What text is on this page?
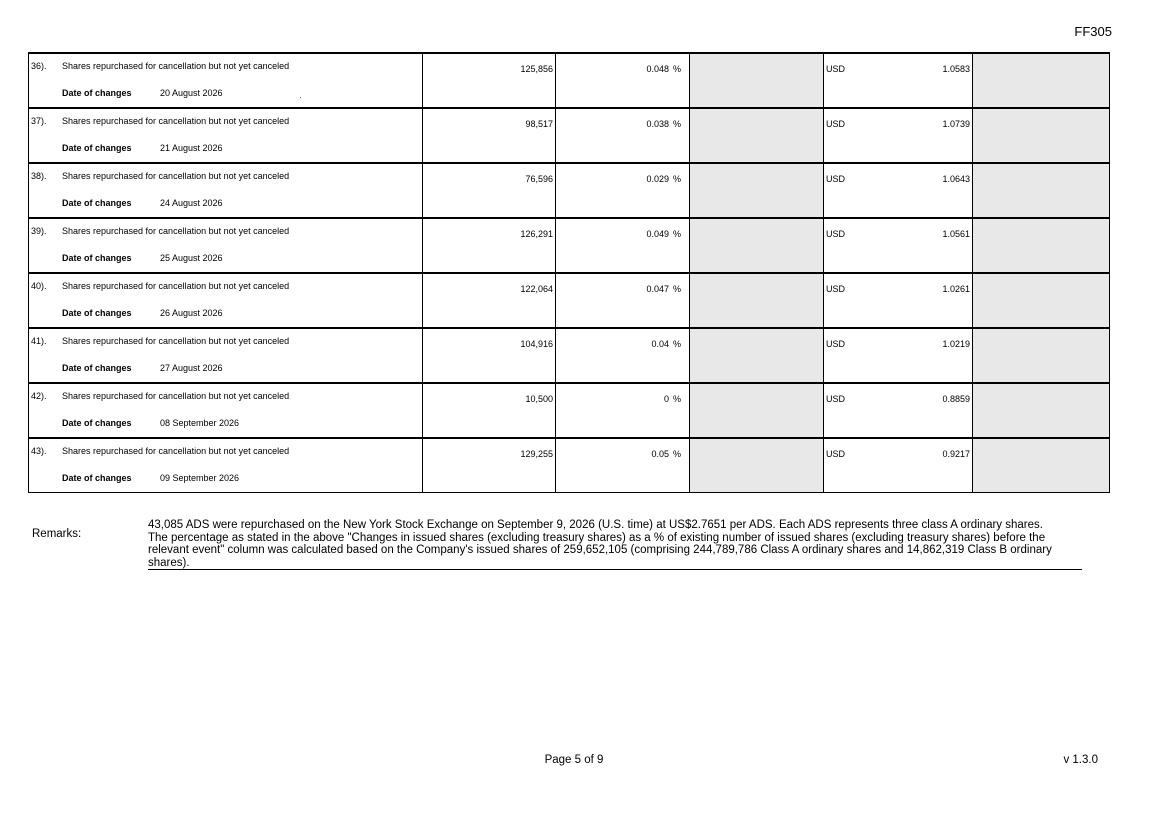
FF305
36). Shares repurchased for cancellation but not yet canceled
Date of changes 20 August 2026	125,856	0.048 %		USD 1.0583	

37). Shares repurchased for cancellation but not yet canceled
Date of changes 21 August 2026	98,517	0.038 %		USD 1.0739	

38). Shares repurchased for cancellation but not yet canceled
Date of changes 24 August 2026	76,596	0.029 %		USD 1.0643	

39). Shares repurchased for cancellation but not yet canceled
Date of changes 25 August 2026	126,291	0.049 %		USD 1.0561	

40). Shares repurchased for cancellation but not yet canceled
Date of changes 26 August 2026	122,064	0.047 %		USD 1.0261	

41). Shares repurchased for cancellation but not yet canceled
Date of changes 27 August 2026	104,916	0.04 %		USD 1.0219	

42). Shares repurchased for cancellation but not yet canceled
Date of changes 08 September 2026	10,500	0 %		USD 0.8859	

43). Shares repurchased for cancellation but not yet canceled
Date of changes 09 September 2026	129,255	0.05 %		USD 0.9217	

Remarks:

43,085 ADS were repurchased on the New York Stock Exchange on September 9, 2026 (U.S. time) at US$2.7651 per ADS. Each ADS represents three class A ordinary shares.

The percentage as stated in the above "Changes in issued shares (excluding treasury shares) as a % of existing number of issued shares (excluding treasury shares) before the relevant event" column was calculated based on the Company's issued shares of 259,652,105 (comprising 244,789,786 Class A ordinary shares and 14,862,319 Class B ordinary shares).

Page 5 of 9	v 1.3.0
